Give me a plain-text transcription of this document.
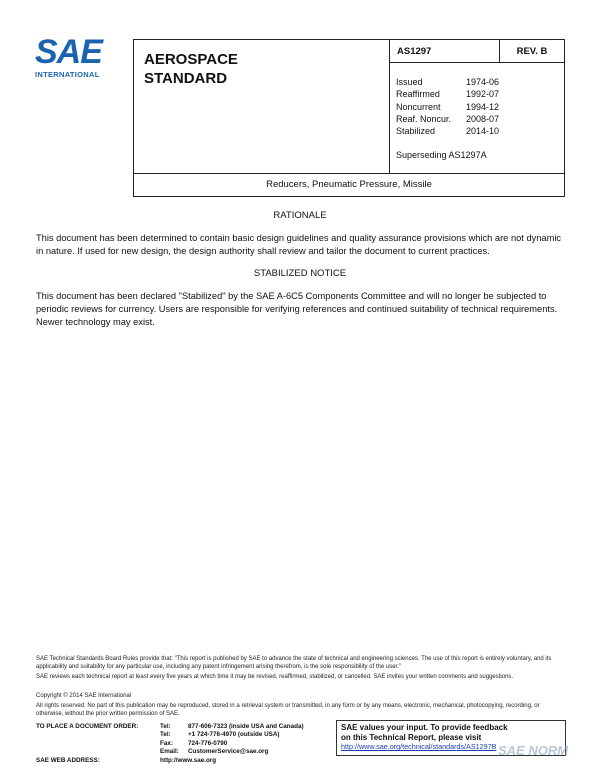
SAE
INTERNATIONAL
AEROSPACE
STANDARD
AS1297	REV. B
Issued	1974-06
Reaffirmed	1992-07
Noncurrent	1994-12
Reaf. Noncur.	2008-07
Stabilized	2014-10
Superseding AS1297A
Reducers, Pneumatic Pressure, Missile
RATIONALE
This document has been determined to contain basic design guidelines and quality assurance provisions which are not dynamic in nature. If used for new design, the design authority shall review and tailor the document to current practices.
STABILIZED NOTICE
This document has been declared "Stabilized" by the SAE A-6C5 Components Committee and will no longer be subjected to periodic reviews for currency. Users are responsible for verifying references and continued suitability of technical requirements. Newer technology may exist.
SAE Technical Standards Board Rules provide that: "This report is published by SAE to advance the state of technical and engineering sciences. The use of this report is entirely voluntary, and its applicability and suitability for any particular use, including any patent infringement arising therefrom, is the sole responsibility of the user."
SAE reviews each technical report at least every five years at which time it may be revised, reaffirmed, stabilized, or cancelled. SAE invites your written comments and suggestions.
Copyright © 2014 SAE International
All rights reserved. No part of this publication may be reproduced, stored in a retrieval system or transmitted, in any form or by any means, electronic, mechanical, photocopying, recording, or otherwise, without the prior written permission of SAE.
TO PLACE A DOCUMENT ORDER:	Tel:	877-606-7323 (inside USA and Canada)
Tel:	+1 724-776-4970 (outside USA)
Fax:	724-776-0790
Email:	CustomerService@sae.org
SAE WEB ADDRESS:	http://www.sae.org
SAE values your input. To provide feedback
on this Technical Report, please visit
http://www.sae.org/technical/standards/AS1297B SAE NORM
